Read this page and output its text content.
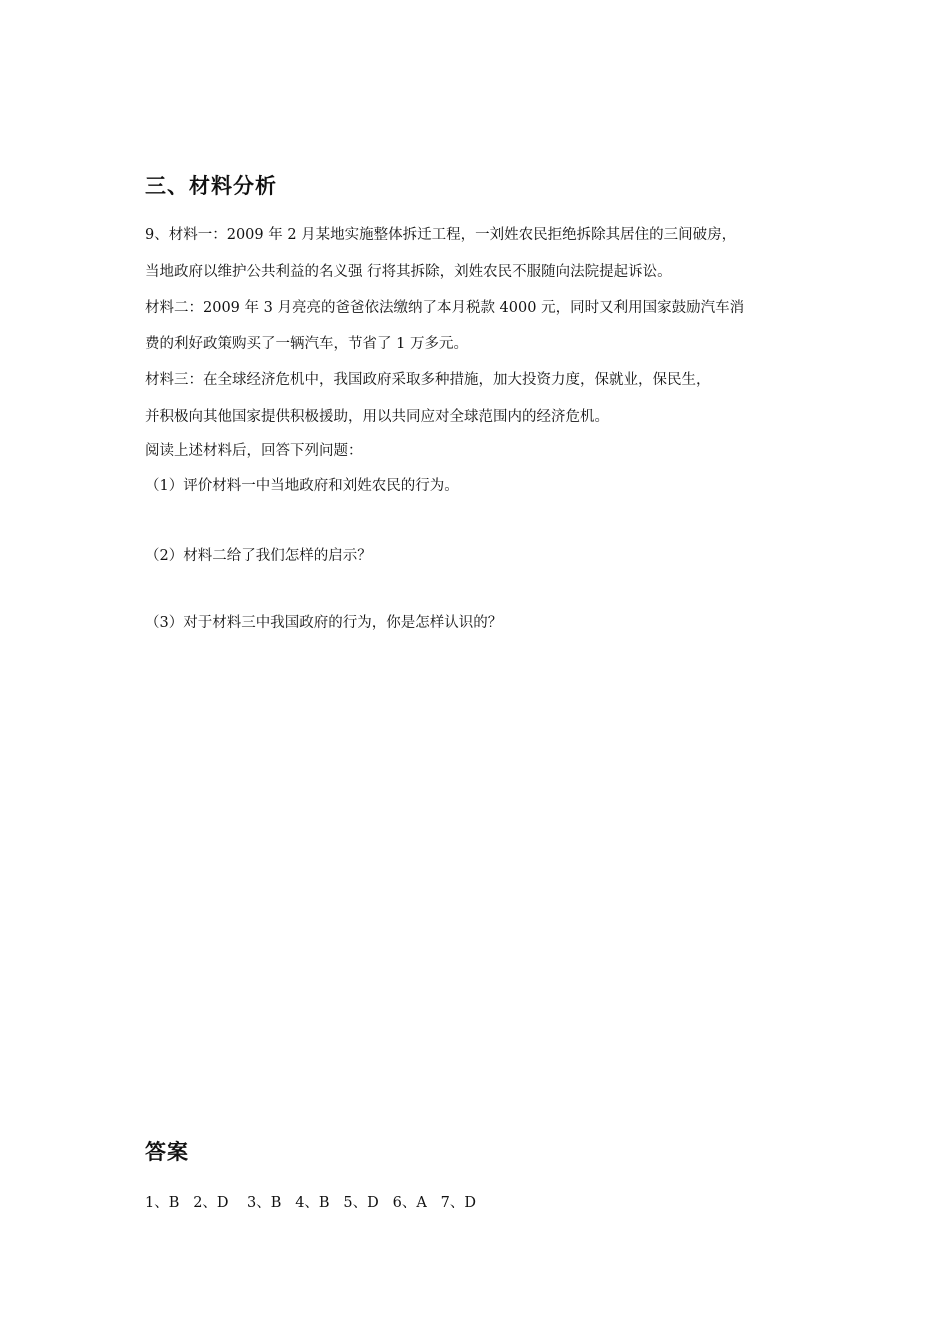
三、材料分析
9、材料一：2009 年 2 月某地实施整体拆迁工程，一刘姓农民拒绝拆除其居住的三间破房，
当地政府以维护公共利益的名义强 行将其拆除，刘姓农民不服随向法院提起诉讼。
材料二：2009 年 3 月亮亮的爸爸依法缴纳了本月税款 4000 元，同时又利用国家鼓励汽车消
费的利好政策购买了一辆汽车，节省了 1 万多元。
材料三：在全球经济危机中，我国政府采取多种措施，加大投资力度，保就业，保民生，
并积极向其他国家提供积极援助，用以共同应对全球范围内的经济危机。
阅读上述材料后，回答下列问题：
（1）评价材料一中当地政府和刘姓农民的行为。
（2）材料二给了我们怎样的启示？
（3）对于材料三中我国政府的行为，你是怎样认识的？
答案
1、B   2、D    3、B   4、B   5、D   6、A   7、D
